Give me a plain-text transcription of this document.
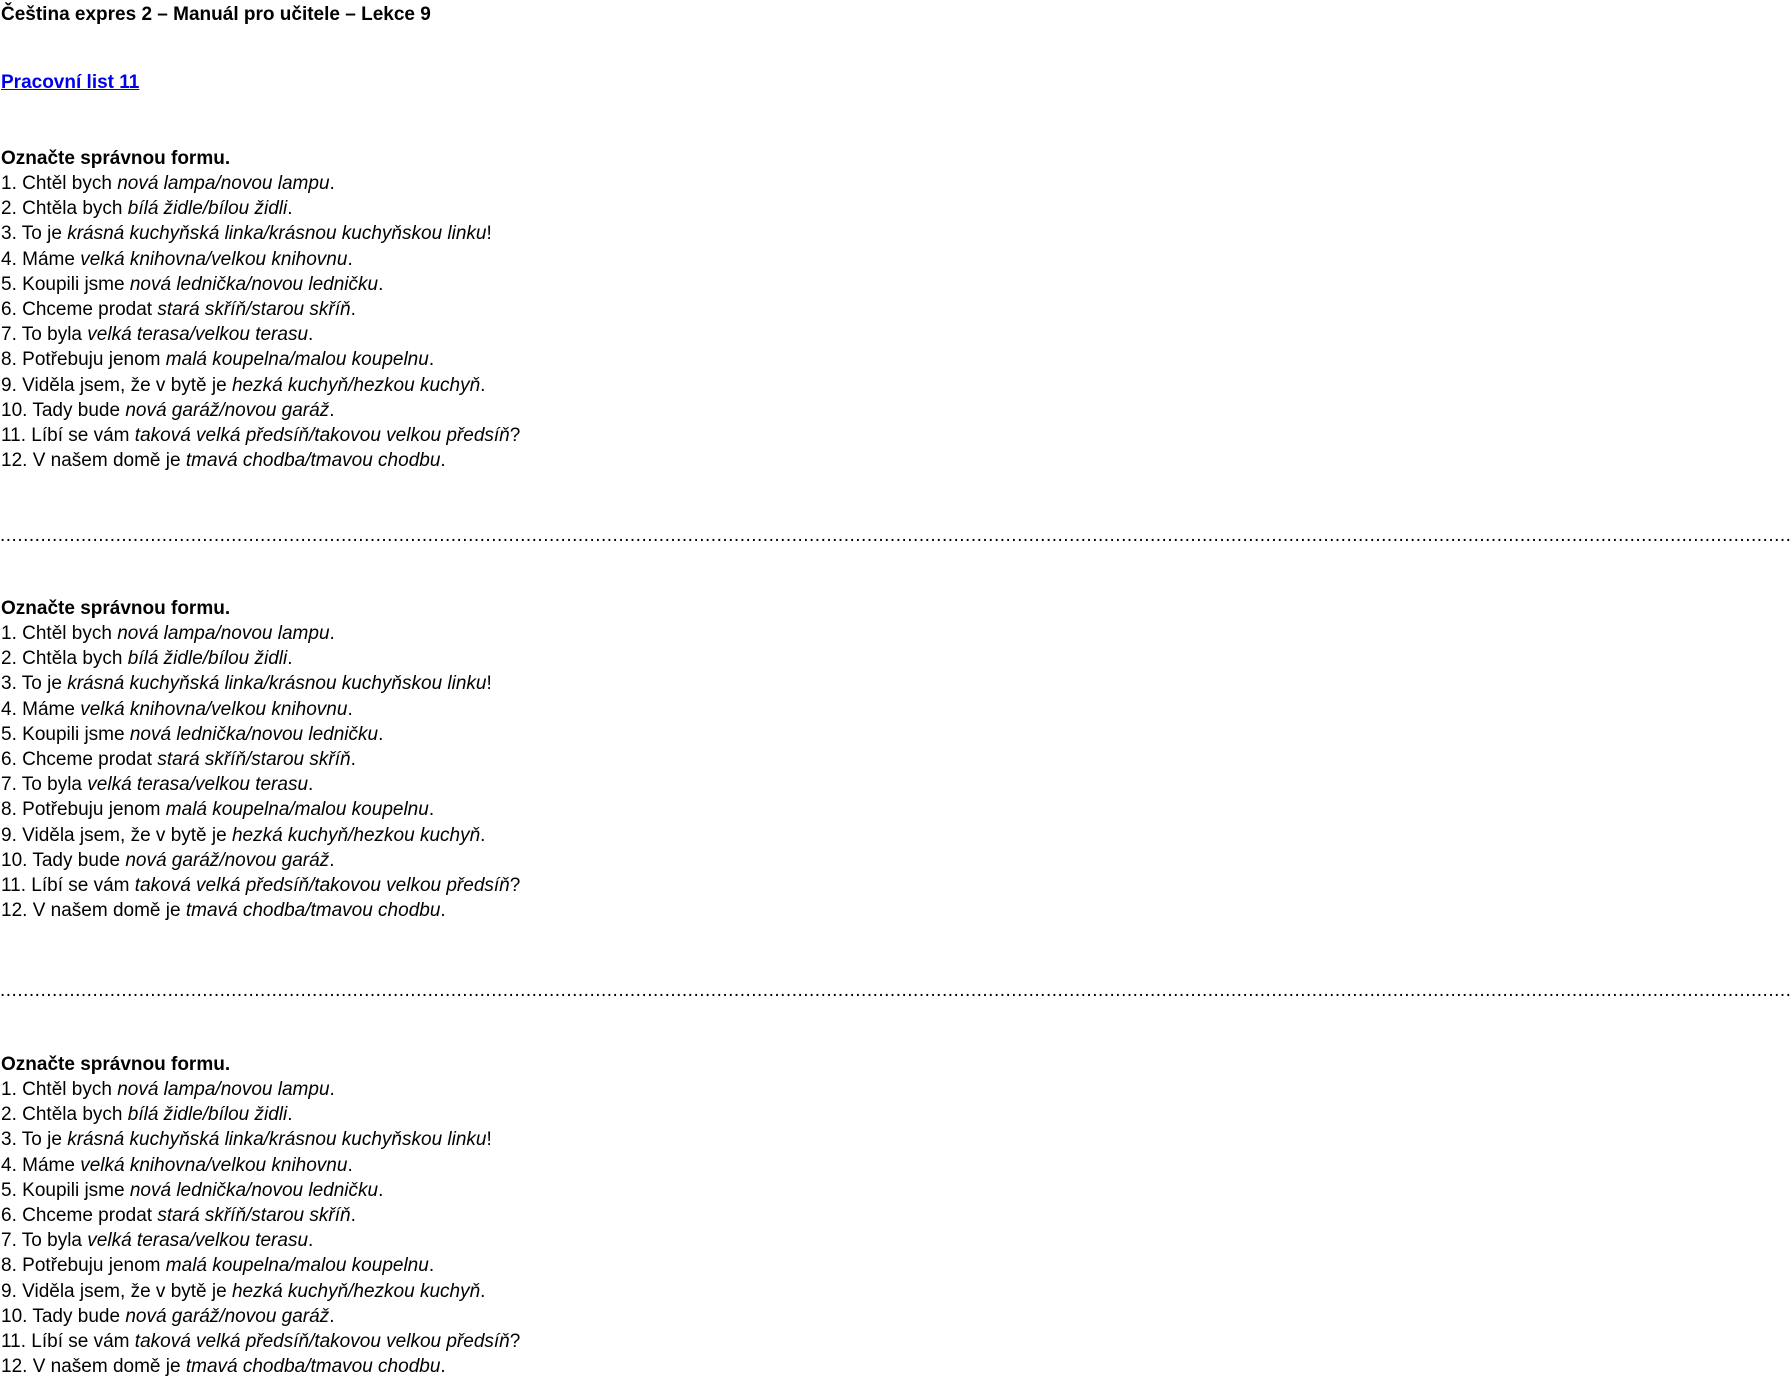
Čeština expres 2 – Manuál pro učitele – Lekce 9
Pracovní list 11
Označte správnou formu.
1. Chtěl bych nová lampa/novou lampu.
2. Chtěla bych bílá židle/bílou židli.
3. To je krásná kuchyňská linka/krásnou kuchyňskou linku!
4. Máme velká knihovna/velkou knihovnu.
5. Koupili jsme nová lednička/novou ledničku.
6. Chceme prodat stará skříň/starou skříň.
7. To byla velká terasa/velkou terasu.
8. Potřebuju jenom malá koupelna/malou koupelnu.
9. Viděla jsem, že v bytě je hezká kuchyň/hezkou kuchyň.
10. Tady bude nová garáž/novou garáž.
11. Líbí se vám taková velká předsíň/takovou velkou předsíň?
12. V našem domě je tmavá chodba/tmavou chodbu.
......................................................................................................................................................................................................................................................................................................................
Označte správnou formu.
1. Chtěl bych nová lampa/novou lampu.
2. Chtěla bych bílá židle/bílou židli.
3. To je krásná kuchyňská linka/krásnou kuchyňskou linku!
4. Máme velká knihovna/velkou knihovnu.
5. Koupili jsme nová lednička/novou ledničku.
6. Chceme prodat stará skříň/starou skříň.
7. To byla velká terasa/velkou terasu.
8. Potřebuju jenom malá koupelna/malou koupelnu.
9. Viděla jsem, že v bytě je hezká kuchyň/hezkou kuchyň.
10. Tady bude nová garáž/novou garáž.
11. Líbí se vám taková velká předsíň/takovou velkou předsíň?
12. V našem domě je tmavá chodba/tmavou chodbu.
......................................................................................................................................................................................................................................................................................................................
Označte správnou formu.
1. Chtěl bych nová lampa/novou lampu.
2. Chtěla bych bílá židle/bílou židli.
3. To je krásná kuchyňská linka/krásnou kuchyňskou linku!
4. Máme velká knihovna/velkou knihovnu.
5. Koupili jsme nová lednička/novou ledničku.
6. Chceme prodat stará skříň/starou skříň.
7. To byla velká terasa/velkou terasu.
8. Potřebuju jenom malá koupelna/malou koupelnu.
9. Viděla jsem, že v bytě je hezká kuchyň/hezkou kuchyň.
10. Tady bude nová garáž/novou garáž.
11. Líbí se vám taková velká předsíň/takovou velkou předsíň?
12. V našem domě je tmavá chodba/tmavou chodbu.
